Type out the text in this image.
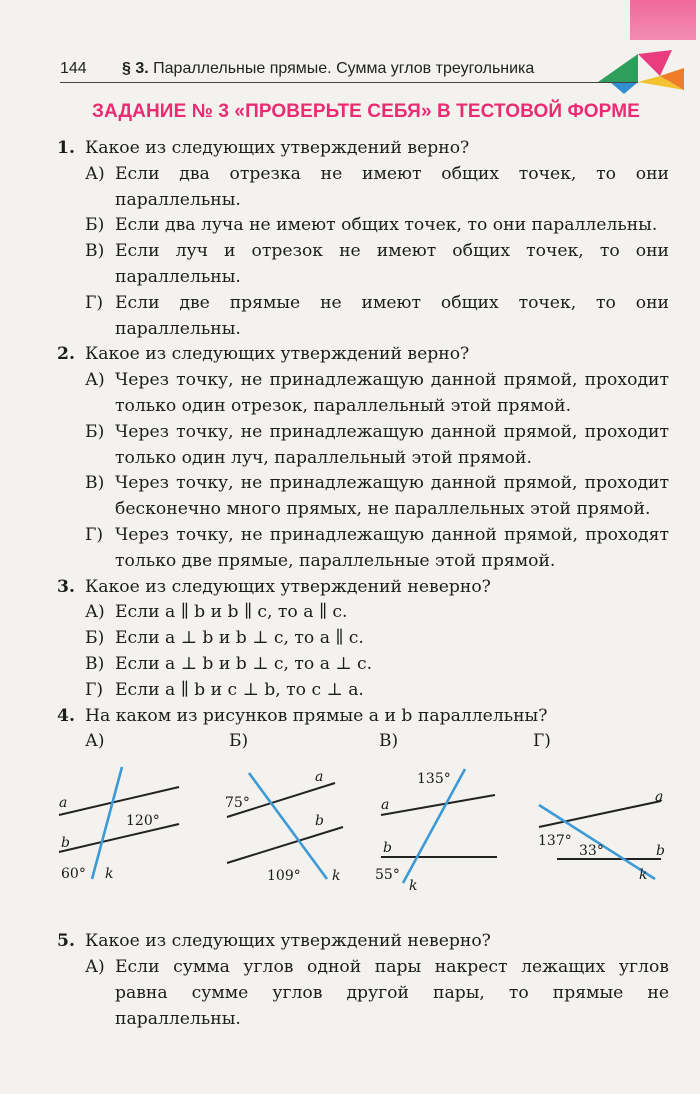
144 § 3. Параллельные прямые. Сумма углов треугольника
ЗАДАНИЕ № 3 «ПРОВЕРЬТЕ СЕБЯ» В ТЕСТОВОЙ ФОРМЕ

1. Какое из следующих утверждений верно?

А) Если два отрезка не имеют общих точек, то они параллельны.
Б) Если два луча не имеют общих точек, то они параллельны.
В) Если луч и отрезок не имеют общих точек, то они параллельны.
Г) Если две прямые не имеют общих точек, то они параллельны.

2. Какое из следующих утверждений верно?

А) Через точку, не принадлежащую данной прямой, проходит только один отрезок, параллельный этой прямой.
Б) Через точку, не принадлежащую данной прямой, проходит только один луч, параллельный этой прямой.
В) Через точку, не принадлежащую данной прямой, проходит бесконечно много прямых, не параллельных этой прямой.
Г) Через точку, не принадлежащую данной прямой, проходят только две прямые, параллельные этой прямой.

3. Какое из следующих утверждений неверно?

А) Если a ∥ b и b ∥ c, то a ∥ c.
Б) Если a ⊥ b и b ⊥ c, то a ∥ c.
В) Если a ⊥ b и b ⊥ c, то a ⊥ c.
Г) Если a ∥ b и c ⊥ b, то c ⊥ a.

4. На каком из рисунков прямые a и b параллельны?

А)
a
b
k
120°
60°
Б)
a
b
k
75°
109°
В)
a
b
k
135°
55°
Г)
a
b
k
137°
33°

5. Какое из следующих утверждений неверно?

А) Если сумма углов одной пары накрест лежащих углов равна сумме углов другой пары, то прямые не параллельны.
